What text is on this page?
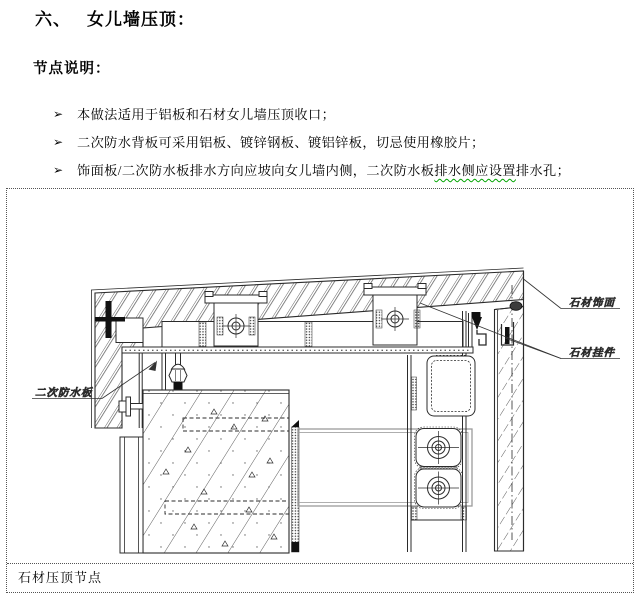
六、 女儿墙压顶：
节点说明：
➢	本做法适用于铝板和石材女儿墙压顶收口；
➢	二次防水背板可采用铝板、镀锌钢板、镀铝锌板，切忌使用橡胶片；
➢	饰面板/二次防水板排水方向应坡向女儿墙内侧，二次防水板排水侧应设置排水孔；
石材饰面
石材挂件
二次防水板
石材压顶节点
